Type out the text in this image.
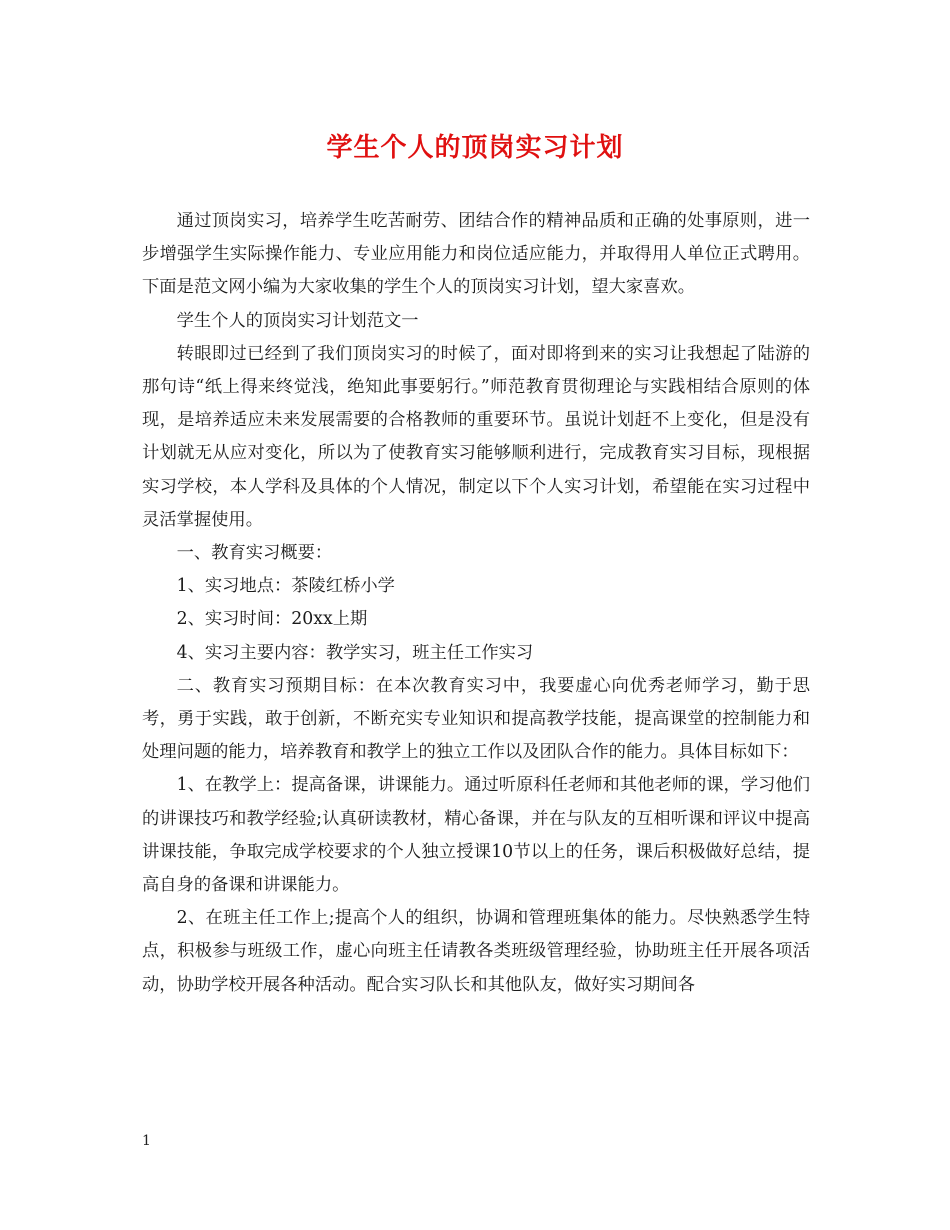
学生个人的顶岗实习计划

通过顶岗实习，培养学生吃苦耐劳、团结合作的精神品质和正确的处事原则，进一步增强学生实际操作能力、专业应用能力和岗位适应能力，并取得用人单位正式聘用。下面是范文网小编为大家收集的学生个人的顶岗实习计划，望大家喜欢。

学生个人的顶岗实习计划范文一

转眼即过已经到了我们顶岗实习的时候了，面对即将到来的实习让我想起了陆游的那句诗“纸上得来终觉浅，绝知此事要躬行。”师范教育贯彻理论与实践相结合原则的体现，是培养适应未来发展需要的合格教师的重要环节。虽说计划赶不上变化，但是没有计划就无从应对变化，所以为了使教育实习能够顺利进行，完成教育实习目标，现根据实习学校，本人学科及具体的个人情况，制定以下个人实习计划，希望能在实习过程中灵活掌握使用。

一、教育实习概要：

1、实习地点：茶陵红桥小学

2、实习时间：20xx上期

4、实习主要内容：教学实习，班主任工作实习

二、教育实习预期目标：在本次教育实习中，我要虚心向优秀老师学习，勤于思考，勇于实践，敢于创新，不断充实专业知识和提高教学技能，提高课堂的控制能力和处理问题的能力，培养教育和教学上的独立工作以及团队合作的能力。具体目标如下：

1、在教学上：提高备课，讲课能力。通过听原科任老师和其他老师的课，学习他们的讲课技巧和教学经验;认真研读教材，精心备课，并在与队友的互相听课和评议中提高讲课技能，争取完成学校要求的个人独立授课10节以上的任务，课后积极做好总结，提高自身的备课和讲课能力。

2、在班主任工作上;提高个人的组织，协调和管理班集体的能力。尽快熟悉学生特点，积极参与班级工作，虚心向班主任请教各类班级管理经验，协助班主任开展各项活动，协助学校开展各种活动。配合实习队长和其他队友，做好实习期间各

1
